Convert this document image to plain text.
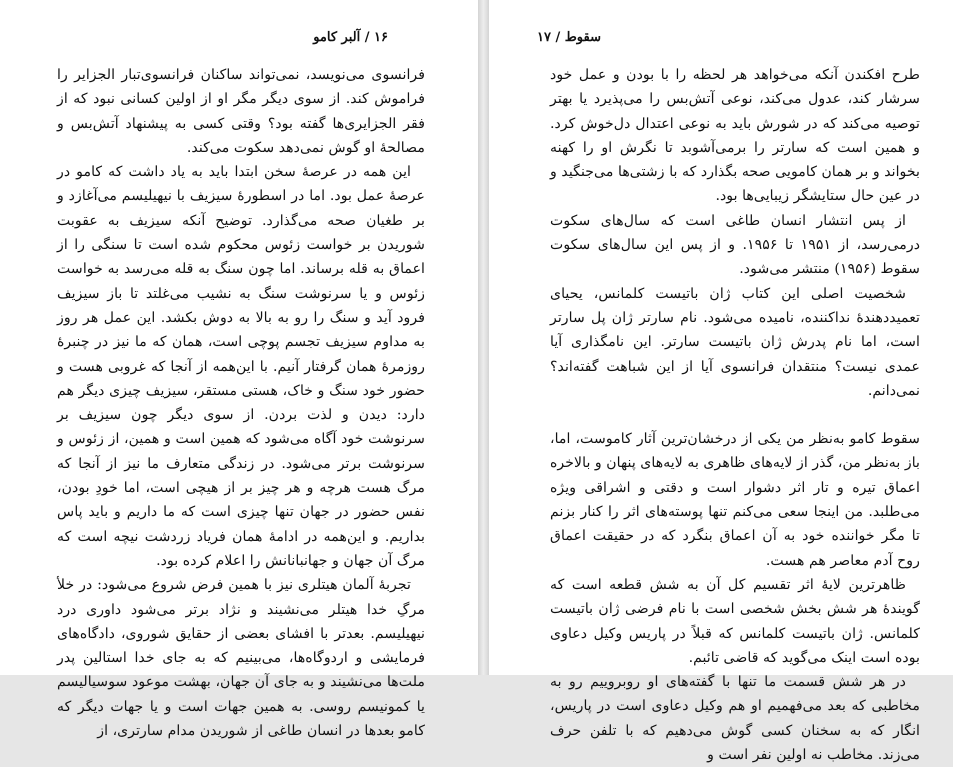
۱۶ / آلبر کامو

فرانسوی می‌نویسد، نمی‌تواند ساکنان فرانسوی‌تبار الجزایر را فراموش کند. از سوی دیگر مگر او از اولین کسانی نبود که از فقر الجزایری‌ها گفته بود؟ وقتی کسی به پیشنهاد آتش‌بس و مصالحهٔ او گوش نمی‌دهد سکوت می‌کند.

این همه در عرصهٔ سخن ابتدا باید به یاد داشت که کامو در عرصهٔ عمل بود. اما در اسطورهٔ سیزیف با نیهیلیسم می‌آغازد و بر طغیان صحه می‌گذارد. توضیح آنکه سیزیف به عقوبت شوریدن بر خواست زئوس محکوم شده است تا سنگی را از اعماق به قله برساند. اما چون سنگ به قله می‌رسد به خواست زئوس و یا سرنوشت سنگ به نشیب می‌غلتد تا باز سیزیف فرود آید و سنگ را رو به بالا به دوش بکشد. این عمل هر روز به مداوم سیزیف تجسم پوچی است، همان که ما نیز در چنبرهٔ روزمرهٔ همان گرفتار آنیم. با این‌همه از آنجا که غروبی هست و حضور خود سنگ و خاک، هستی مستقر، سیزیف چیزی دیگر هم دارد: دیدن و لذت بردن. از سوی دیگر چون سیزیف بر سرنوشت خود آگاه می‌شود که همین است و همین، از زئوس و سرنوشت برتر می‌شود. در زندگی متعارف ما نیز از آنجا که مرگ هست هرچه و هر چیز بر از هیچی است، اما خودِ بودن، نفس حضور در جهان تنها چیزی است که ما داریم و باید پاس بداریم. و این‌همه در ادامهٔ همان فریاد زردشت نیچه است که مرگ آن جهان و جهانبانانش را اعلام کرده بود.

تجربهٔ آلمان هیتلری نیز با همین فرض شروع می‌شود: در خلأ مرگِ خدا هیتلر می‌نشیند و نژاد برتر می‌شود داوری درد نیهیلیسم. بعدتر با افشای بعضی از حقایق شوروی، دادگاه‌های فرمایشی و اردوگاه‌ها، می‌بینیم که به جای خدا استالین پدر ملت‌ها می‌نشیند و به جای آن جهان، بهشت موعود سوسیالیسم یا کمونیسم روسی. به همین جهات است و یا جهات دیگر که کامو بعدها در انسان طاغی از شوریدن مدام سارتری، از

سقوط / ۱۷

طرح افکندن آنکه می‌خواهد هر لحظه را با بودن و عمل خود سرشار کند، عدول می‌کند، نوعی آتش‌بس را می‌پذیرد یا بهتر توصیه می‌کند که در شورش باید به نوعی اعتدال دل‌خوش کرد. و همین است که سارتر را برمی‌آشوبد تا نگرش او را کهنه بخواند و بر همان کامویی صحه بگذارد که با زشتی‌ها می‌جنگید و در عین حال ستایشگر زیبایی‌ها بود.

از پس انتشار انسان طاغی است که سال‌های سکوت درمی‌رسد، از ۱۹۵۱ تا ۱۹۵۶. و از پس این سال‌های سکوت سقوط (۱۹۵۶) منتشر می‌شود.

شخصیت اصلی این کتاب ژان باتیست کلمانس، یحیای تعمیددهندهٔ نداکننده، نامیده می‌شود. نام سارتر ژان پل سارتر است، اما نام پدرش ژان باتیست سارتر. این نامگذاری آیا عمدی نیست؟ منتقدان فرانسوی آیا از این شباهت گفته‌اند؟ نمی‌دانم.

سقوط کامو به‌نظر من یکی از درخشان‌ترین آثار کاموست، اما، باز به‌نظر من، گذر از لایه‌های ظاهری به لایه‌های پنهان و بالاخره اعماق تیره و تار اثر دشوار است و دقتی و اشراقی ویژه می‌طلبد. من اینجا سعی می‌کنم تنها پوسته‌های اثر را کنار بزنم تا مگر خواننده خود به آن اعماق بنگرد که در حقیقت اعماق روح آدم معاصر هم هست.

ظاهرترین لایهٔ اثر تقسیم کل آن به شش قطعه است که گویندهٔ هر شش بخش شخصی است با نام فرضی ژان باتیست کلمانس. ژان باتیست کلمانس که قبلاً در پاریس وکیل دعاوی بوده است اینک می‌گوید که قاضی تائبم.

در هر شش قسمت ما تنها با گفته‌های او روبروییم رو به مخاطبی که بعد می‌فهمیم او هم وکیل دعاوی است در پاریس، انگار که به سخنان کسی گوش می‌دهیم که با تلفن حرف می‌زند. مخاطب نه اولین نفر است و
